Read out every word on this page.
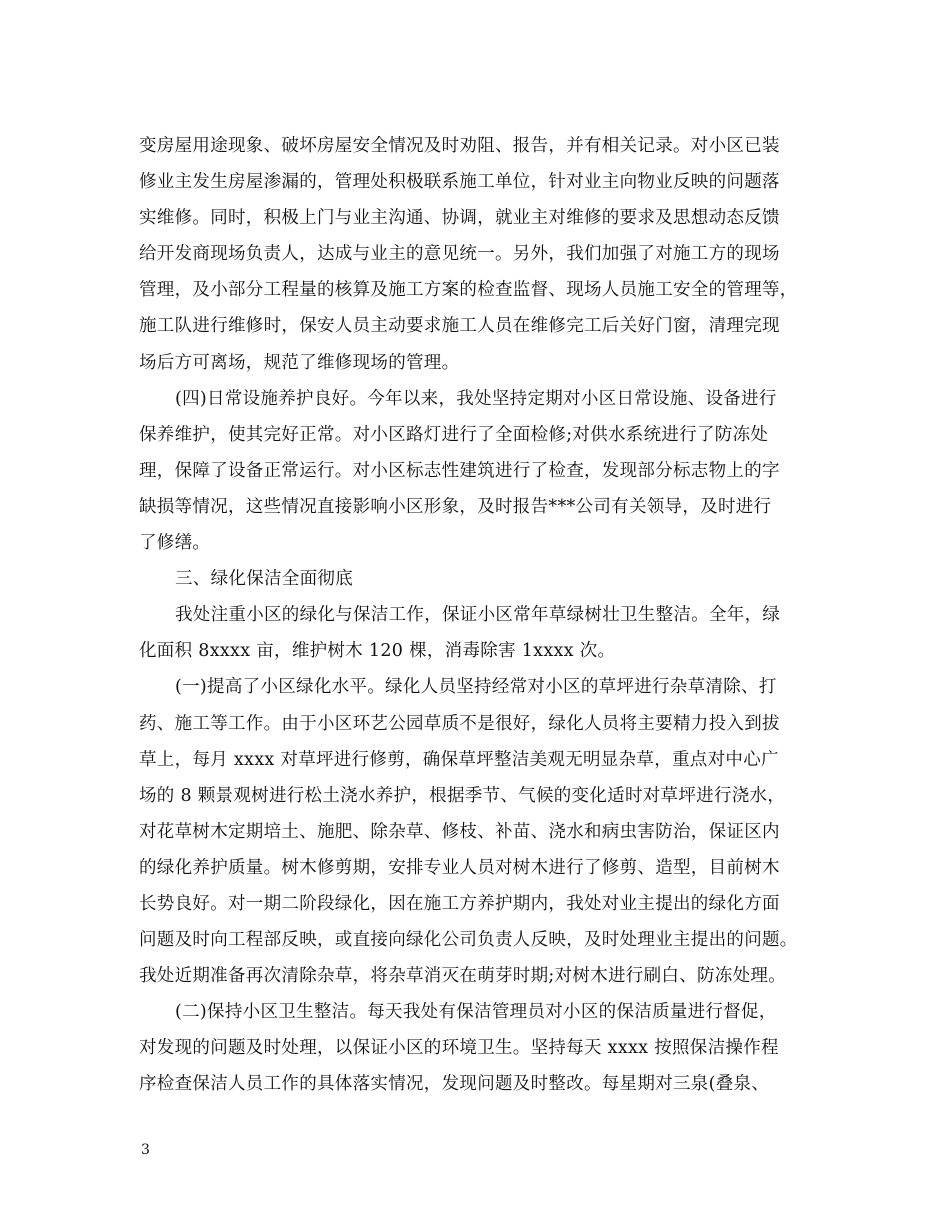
变房屋用途现象、破坏房屋安全情况及时劝阻、报告，并有相关记录。对小区已装
修业主发生房屋渗漏的，管理处积极联系施工单位，针对业主向物业反映的问题落
实维修。同时，积极上门与业主沟通、协调，就业主对维修的要求及思想动态反馈
给开发商现场负责人，达成与业主的意见统一。另外，我们加强了对施工方的现场
管理，及小部分工程量的核算及施工方案的检查监督、现场人员施工安全的管理等，
施工队进行维修时，保安人员主动要求施工人员在维修完工后关好门窗，清理完现
场后方可离场，规范了维修现场的管理。

(四)日常设施养护良好。今年以来，我处坚持定期对小区日常设施、设备进行
保养维护，使其完好正常。对小区路灯进行了全面检修;对供水系统进行了防冻处
理，保障了设备正常运行。对小区标志性建筑进行了检查，发现部分标志物上的字
缺损等情况，这些情况直接影响小区形象，及时报告***公司有关领导，及时进行
了修缮。

三、绿化保洁全面彻底

我处注重小区的绿化与保洁工作，保证小区常年草绿树壮卫生整洁。全年，绿
化面积 8xxxx 亩，维护树木 120 棵，消毒除害 1xxxx 次。

(一)提高了小区绿化水平。绿化人员坚持经常对小区的草坪进行杂草清除、打
药、施工等工作。由于小区环艺公园草质不是很好，绿化人员将主要精力投入到拔
草上，每月 xxxx 对草坪进行修剪，确保草坪整洁美观无明显杂草，重点对中心广
场的 8 颗景观树进行松土浇水养护，根据季节、气候的变化适时对草坪进行浇水，
对花草树木定期培土、施肥、除杂草、修枝、补苗、浇水和病虫害防治，保证区内
的绿化养护质量。树木修剪期，安排专业人员对树木进行了修剪、造型，目前树木
长势良好。对一期二阶段绿化，因在施工方养护期内，我处对业主提出的绿化方面
问题及时向工程部反映，或直接向绿化公司负责人反映，及时处理业主提出的问题。
我处近期准备再次清除杂草，将杂草消灭在萌芽时期;对树木进行刷白、防冻处理。

(二)保持小区卫生整洁。每天我处有保洁管理员对小区的保洁质量进行督促，
对发现的问题及时处理，以保证小区的环境卫生。坚持每天 xxxx 按照保洁操作程
序检查保洁人员工作的具体落实情况，发现问题及时整改。每星期对三泉(叠泉、

3
